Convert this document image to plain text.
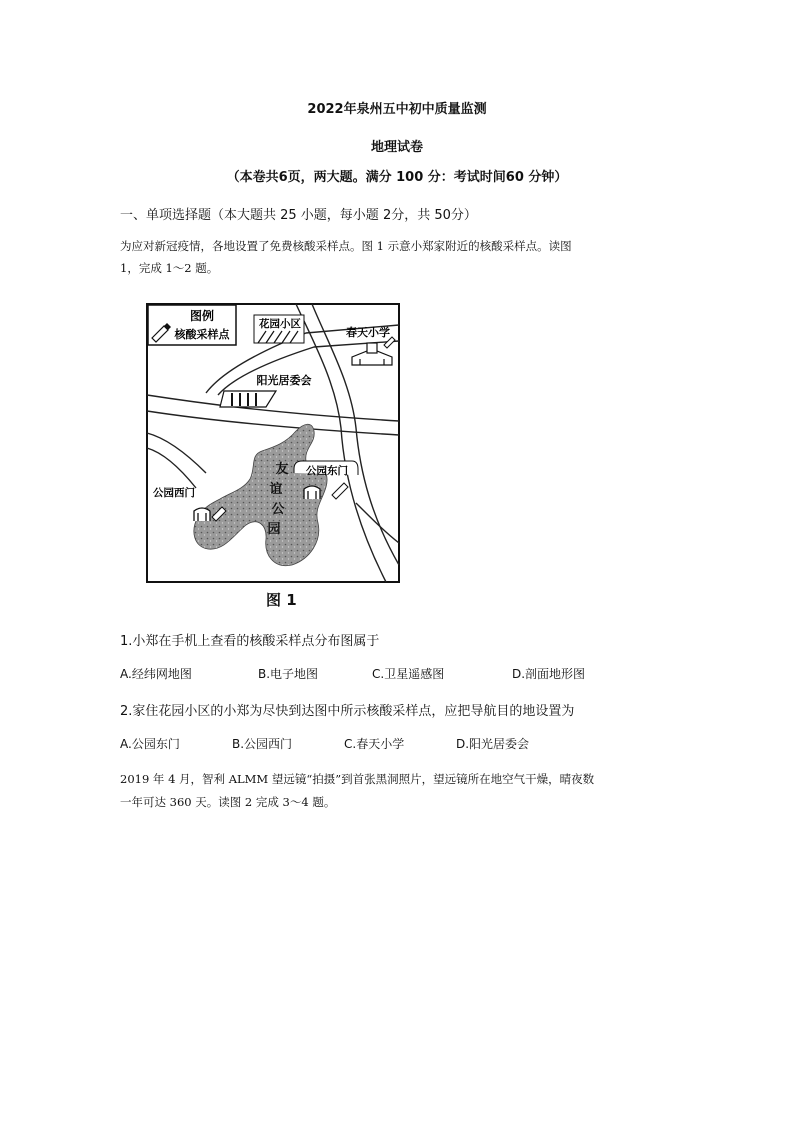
2022年泉州五中初中质量监测
地理试卷
（本卷共6页，两大题。满分 100 分：考试时间60 分钟）
一、单项选择题（本大题共 25 小题，每小题 2分，共 50分）
为应对新冠疫情，各地设置了免费核酸采样点。图 1 示意小郑家附近的核酸采样点。读图
1，完成 1～2 题。
图例
核酸采样点
花园小区
春天小学
阳光居委会
友
谊
公
园
公园东门
公园西门
图 1
1.小郑在手机上查看的核酸采样点分布图属于
A.经纬网地图	B.电子地图	C.卫星遥感图	D.剖面地形图
2.家住花园小区的小郑为尽快到达图中所示核酸采样点，应把导航目的地设置为
A.公园东门	B.公园西门	C.春天小学	D.阳光居委会
2019 年 4 月，智利 ALMM 望远镜“拍摄”到首张黑洞照片，望远镜所在地空气干燥，晴夜数
一年可达 360 天。读图 2 完成 3～4 题。
